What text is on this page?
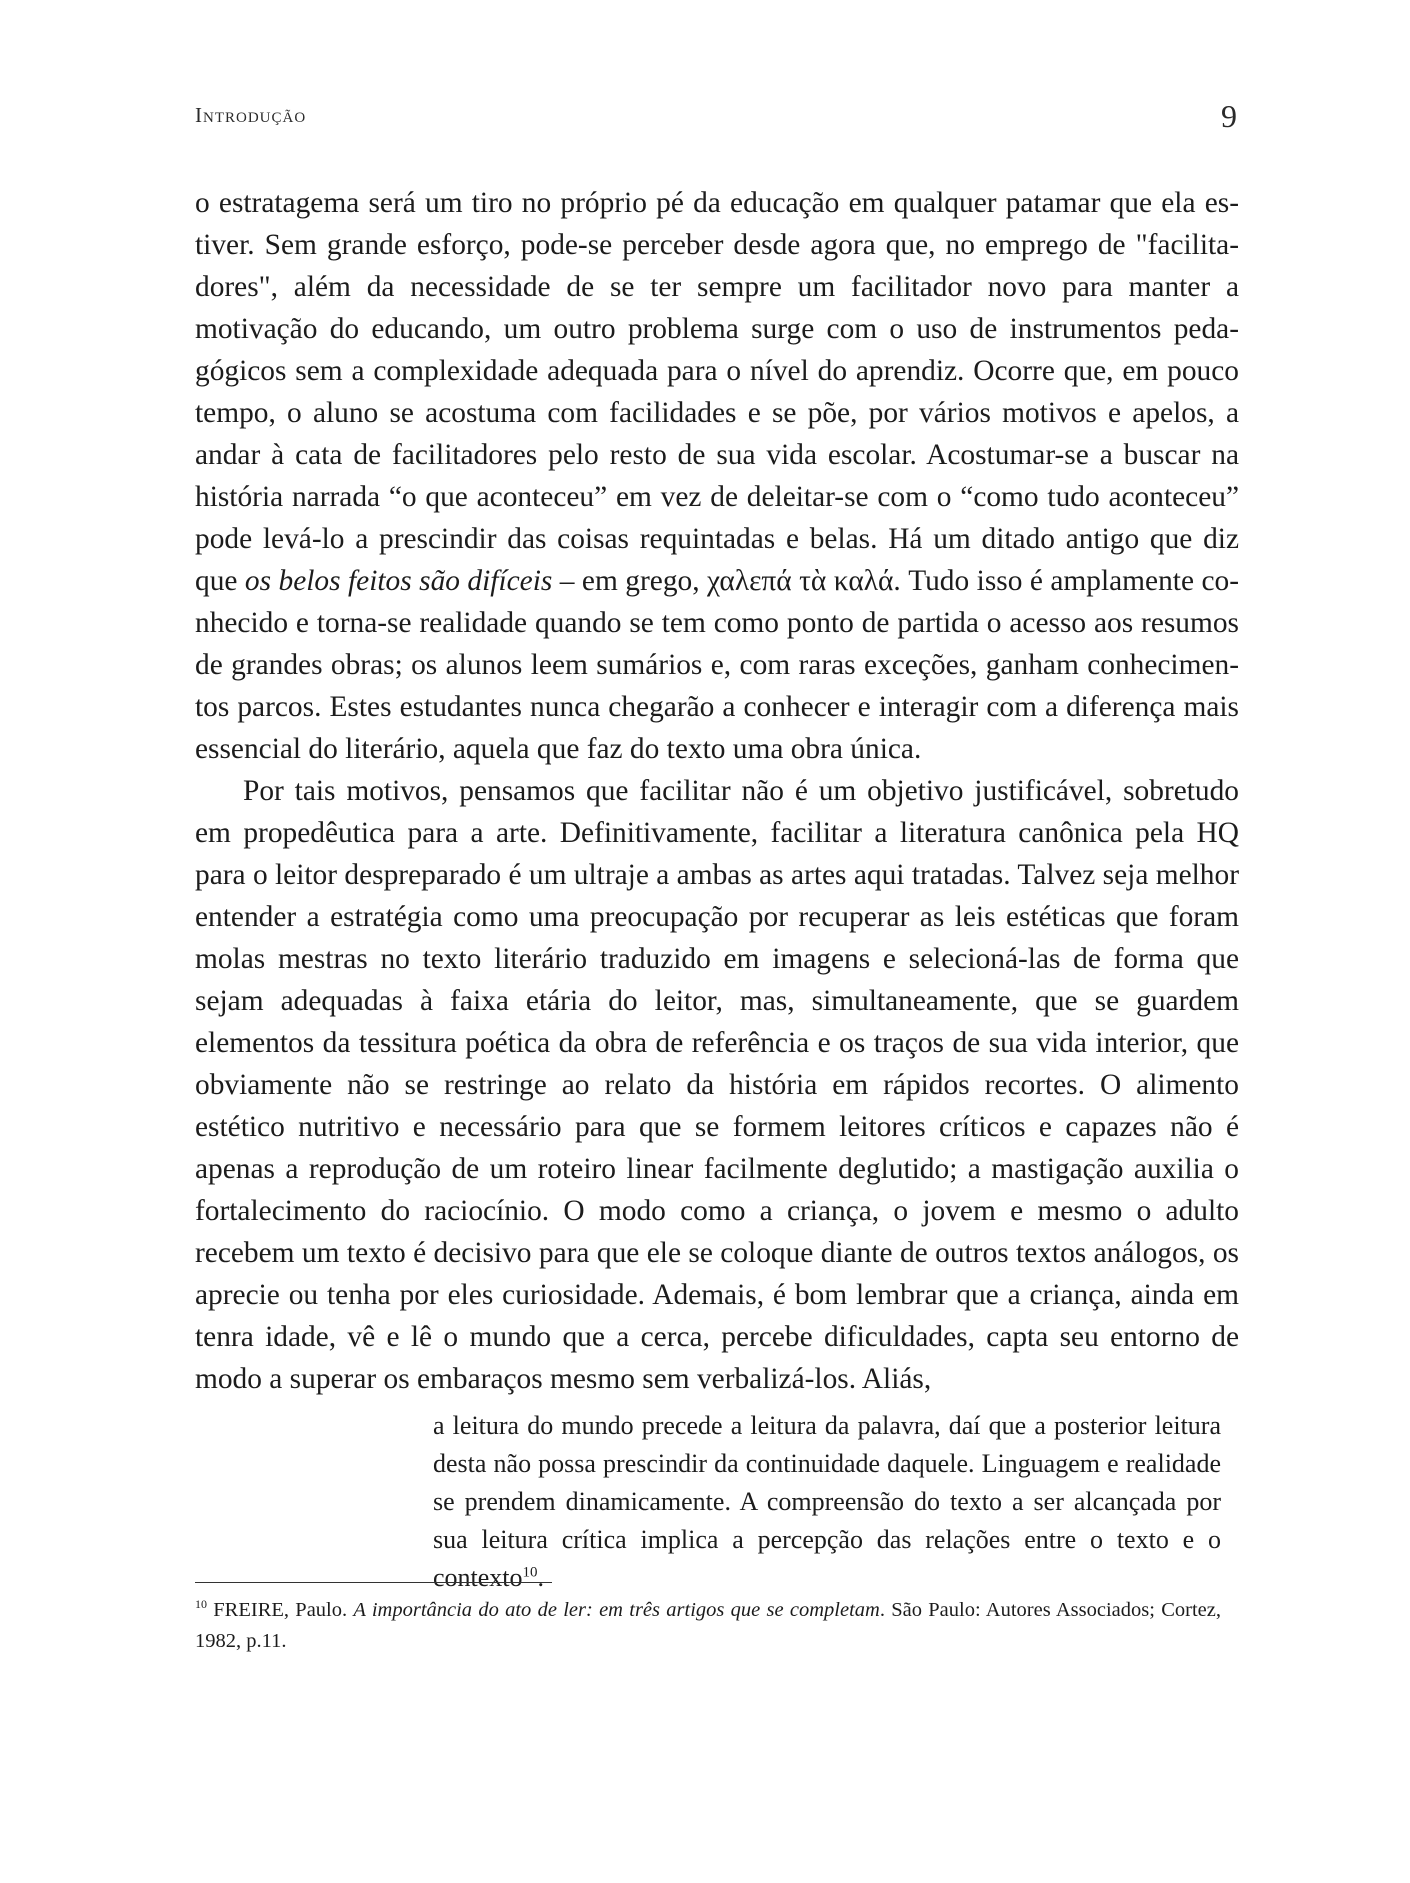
Introdução	9

o estratagema será um tiro no próprio pé da educação em qualquer patamar que ela estiver. Sem grande esforço, pode-se perceber desde agora que, no emprego de "facilitadores", além da necessidade de se ter sempre um facilitador novo para manter a motivação do educando, um outro problema surge com o uso de instrumentos pedagógicos sem a complexidade adequada para o nível do aprendiz. Ocorre que, em pouco tempo, o aluno se acostuma com facilidades e se põe, por vários motivos e apelos, a andar à cata de facilitadores pelo resto de sua vida escolar. Acostumar-se a buscar na história narrada “o que aconteceu” em vez de deleitar-se com o “como tudo aconteceu” pode levá-lo a prescindir das coisas requintadas e belas. Há um ditado antigo que diz que os belos feitos são difíceis – em grego, χαλεπά τὰ καλά. Tudo isso é amplamente conhecido e torna-se realidade quando se tem como ponto de partida o acesso aos resumos de grandes obras; os alunos leem sumários e, com raras exceções, ganham conhecimentos parcos. Estes estudantes nunca chegarão a conhecer e interagir com a diferença mais essencial do literário, aquela que faz do texto uma obra única.

Por tais motivos, pensamos que facilitar não é um objetivo justificável, sobretudo em propedêutica para a arte. Definitivamente, facilitar a literatura canônica pela HQ para o leitor despreparado é um ultraje a ambas as artes aqui tratadas. Talvez seja melhor entender a estratégia como uma preocupação por recuperar as leis estéticas que foram molas mestras no texto literário traduzido em imagens e selecioná-las de forma que sejam adequadas à faixa etária do leitor, mas, simultaneamente, que se guardem elementos da tessitura poética da obra de referência e os traços de sua vida interior, que obviamente não se restringe ao relato da história em rápidos recortes. O alimento estético nutritivo e necessário para que se formem leitores críticos e capazes não é apenas a reprodução de um roteiro linear facilmente deglutido; a mastigação auxilia o fortalecimento do raciocínio. O modo como a criança, o jovem e mesmo o adulto recebem um texto é decisivo para que ele se coloque diante de outros textos análogos, os aprecie ou tenha por eles curiosidade. Ademais, é bom lembrar que a criança, ainda em tenra idade, vê e lê o mundo que a cerca, percebe dificuldades, capta seu entorno de modo a superar os embaraços mesmo sem verbalizá-los. Aliás,

a leitura do mundo precede a leitura da palavra, daí que a posterior leitura desta não possa prescindir da continuidade daquele. Linguagem e realidade se prendem dinamicamente. A compreensão do texto a ser alcançada por sua leitura crítica implica a percepção das relações entre o texto e o contexto$^{10}$.
$^{10}$ FREIRE, Paulo. A importância do ato de ler: em três artigos que se completam. São Paulo: Autores Associados; Cortez, 1982, p.11.
